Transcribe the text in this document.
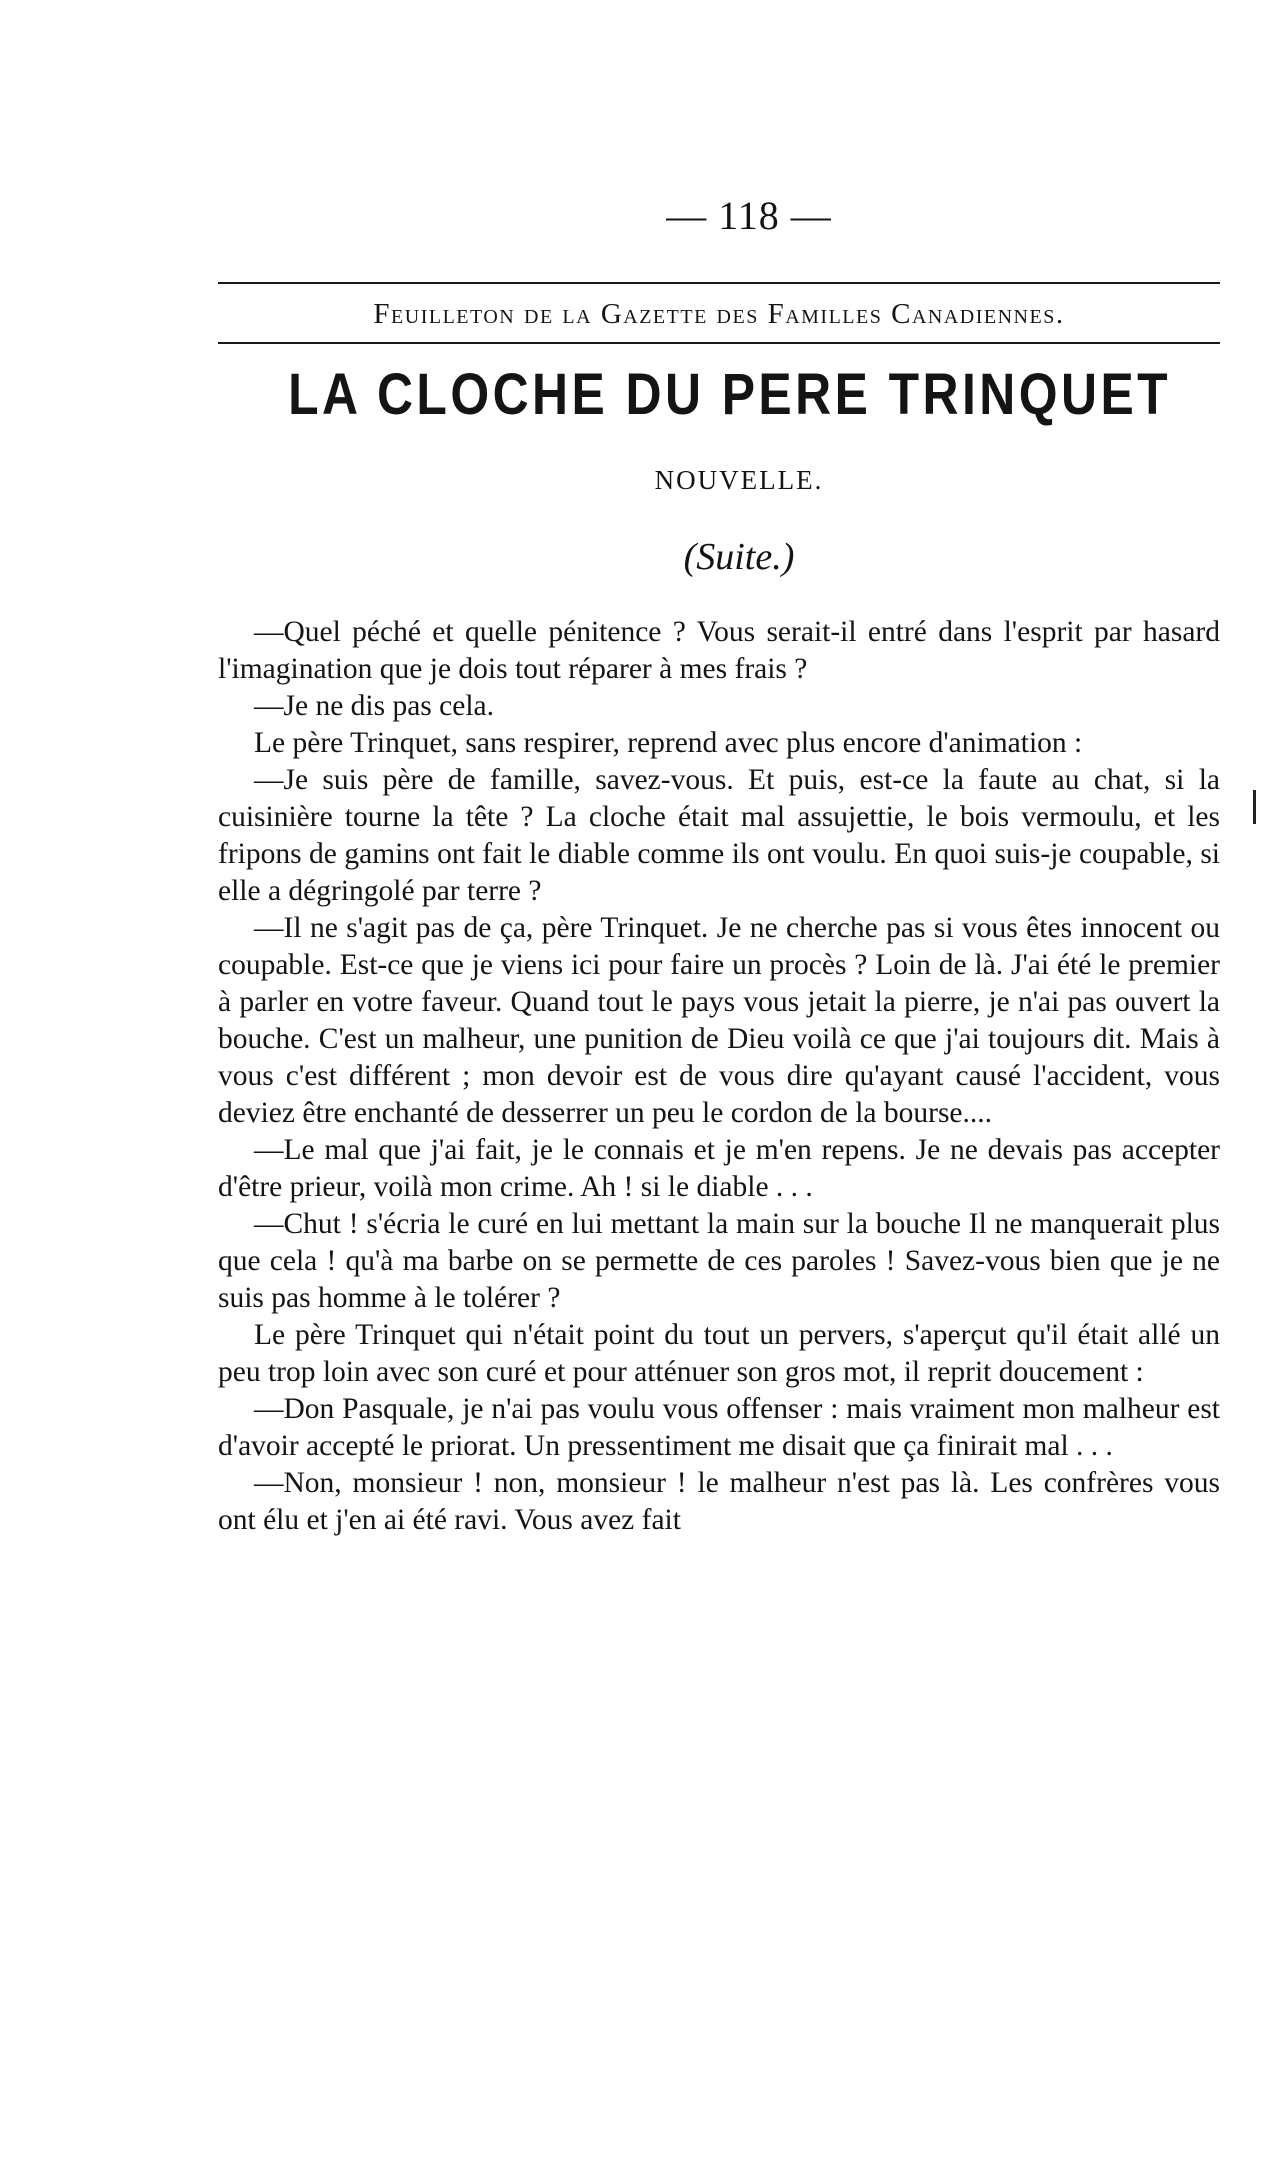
— 118 —
Feuilleton de la Gazette des Familles Canadiennes.
LA CLOCHE DU PERE TRINQUET
NOUVELLE.
(Suite.)

—Quel péché et quelle pénitence ? Vous serait-il entré dans l'esprit par hasard l'imagination que je dois tout réparer à mes frais ?

—Je ne dis pas cela.

Le père Trinquet, sans respirer, reprend avec plus encore d'animation :

—Je suis père de famille, savez-vous. Et puis, est-ce la faute au chat, si la cuisinière tourne la tête ? La cloche était mal assujettie, le bois vermoulu, et les fripons de gamins ont fait le diable comme ils ont voulu. En quoi suis-je coupable, si elle a dégringolé par terre ?

—Il ne s'agit pas de ça, père Trinquet. Je ne cherche pas si vous êtes innocent ou coupable. Est-ce que je viens ici pour faire un procès ? Loin de là. J'ai été le premier à parler en votre faveur. Quand tout le pays vous jetait la pierre, je n'ai pas ouvert la bouche. C'est un malheur, une punition de Dieu voilà ce que j'ai toujours dit. Mais à vous c'est différent ; mon devoir est de vous dire qu'ayant causé l'accident, vous deviez être enchanté de desserrer un peu le cordon de la bourse....

—Le mal que j'ai fait, je le connais et je m'en repens. Je ne devais pas accepter d'être prieur, voilà mon crime. Ah ! si le diable . . .

—Chut ! s'écria le curé en lui mettant la main sur la bouche Il ne manquerait plus que cela ! qu'à ma barbe on se permette de ces paroles ! Savez-vous bien que je ne suis pas homme à le tolérer ?

Le père Trinquet qui n'était point du tout un pervers, s'aperçut qu'il était allé un peu trop loin avec son curé et pour atténuer son gros mot, il reprit doucement :

—Don Pasquale, je n'ai pas voulu vous offenser : mais vraiment mon malheur est d'avoir accepté le priorat. Un pressentiment me disait que ça finirait mal . . .

—Non, monsieur ! non, monsieur ! le malheur n'est pas là. Les confrères vous ont élu et j'en ai été ravi. Vous avez fait
